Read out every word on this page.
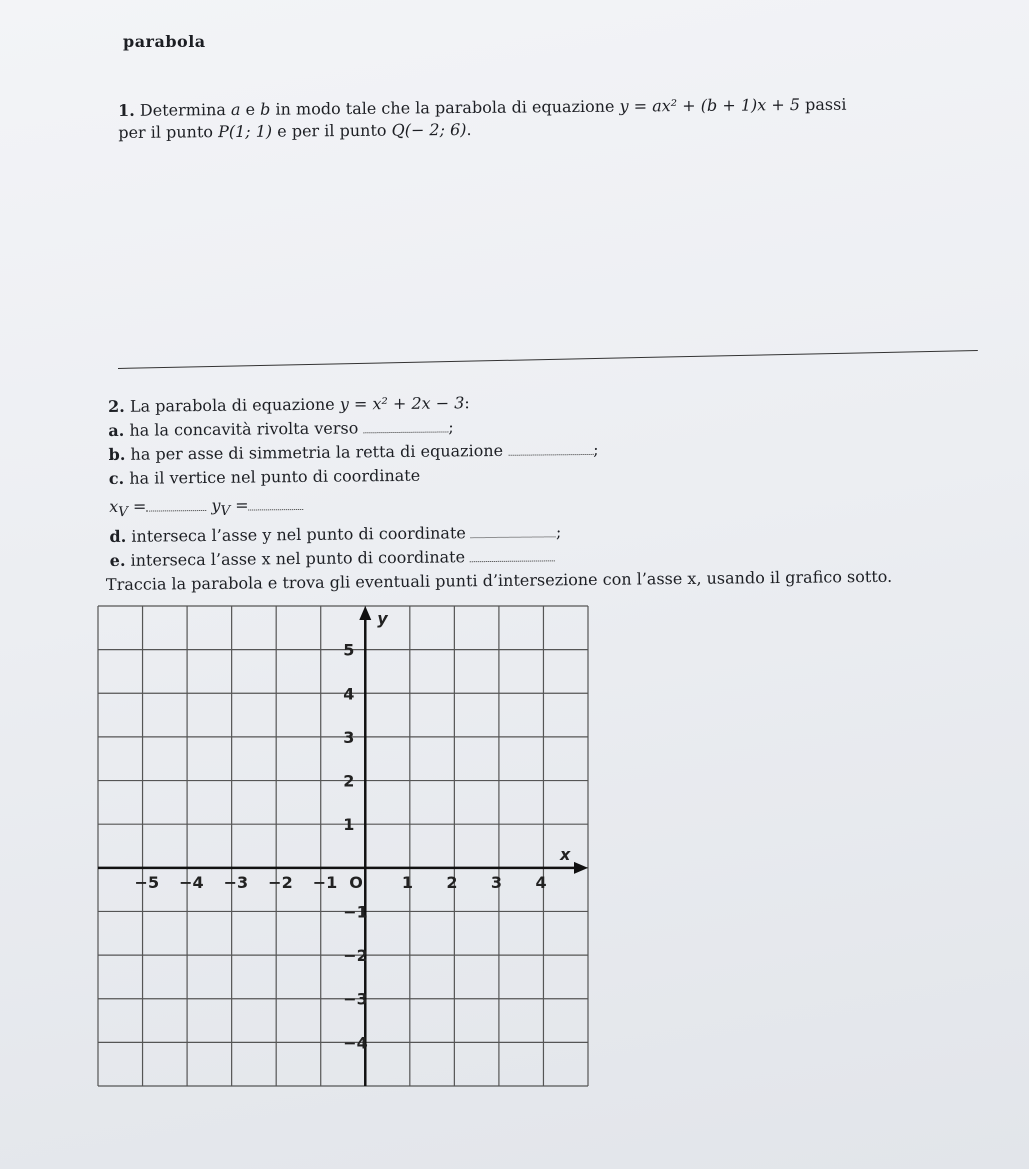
parabola
1. Determina a e b in modo tale che la parabola di equazione y = ax² + (b + 1)x + 5 passi
per il punto P(1; 1) e per il punto Q(− 2; 6).
2. La parabola di equazione y = x² + 2x − 3:
a. ha la concavità rivolta verso	;
b. ha per asse di simmetria la retta di equazione	;
c. ha il vertice nel punto di coordinate
$x_V$ =	$y_V$ =
d. interseca l’asse y nel punto di coordinate	;
e. interseca l’asse x nel punto di coordinate
Traccia la parabola e trova gli eventuali punti d’intersezione con l’asse x, usando il grafico sotto.
x
y
O
−5 −4 −3 −2 −1	1 2 3 4
5
4
3
2
1
−1
−2
−3
−4
